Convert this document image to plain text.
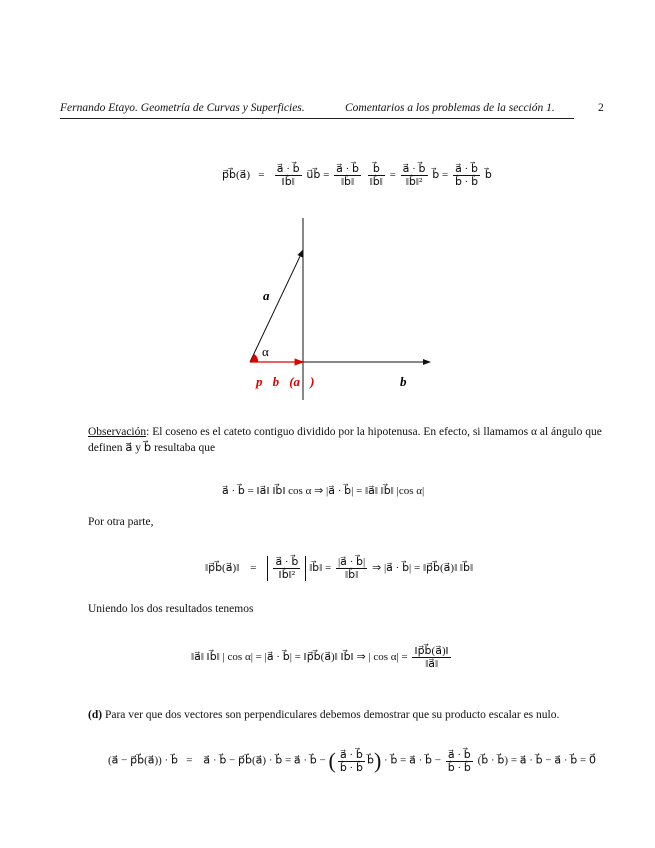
Fernando Etayo. Geometría de Curvas y Superficies.	Comentarios a los problemas de la sección 1.	2
p⃗b⃗(a⃗) = $\frac{a⃗ \cdot b⃗}{‖b⃗‖}$ u⃗b⃗ = $\frac{a⃗ \cdot b⃗}{‖b⃗‖}$
$\frac{b⃗}{‖b⃗‖} = \frac{a⃗ \cdot b⃗}{\text{‖b⃗‖²}}$ b⃗ = $\frac{a⃗ \cdot b⃗}{b⃗ \cdot b⃗}$ b⃗
a⃗
α
p⃗b⃗(a⃗)	b⃗
Observación: El coseno es el cateto contiguo dividido por la hipotenusa. En efecto, si llamamos α al ángulo que definen a⃗ y b⃗ resultaba que
a⃗ · b⃗ = ‖a⃗‖ ‖b⃗‖ cos α ⇒ |a⃗ · b⃗| = ‖a⃗‖ ‖b⃗‖ |cos α|
Por otra parte,
‖p⃗b⃗(a⃗)‖ = $\frac{a⃗ \cdot b⃗}{\text{‖b⃗‖²}}$ ‖b⃗‖ = $\frac{|a⃗ \cdot b⃗|}{‖b⃗‖}$ ⇒ |a⃗ · b⃗| = ‖p⃗b⃗(a⃗)‖ ‖b⃗‖
Uniendo los dos resultados tenemos
‖a⃗‖ ‖b⃗‖ | cos α| = |a⃗ · b⃗| = ‖p⃗b⃗(a⃗)‖ ‖b⃗‖ ⇒ | $\cos \alpha| = \frac{‖p⃗b⃗(a⃗)‖}{‖a⃗‖}$
(d) Para ver que dos vectores son perpendiculares debemos demostrar que su producto escalar es nulo.
(a⃗ − p⃗b⃗(a⃗)) · b⃗ = a⃗ · b⃗ − p⃗b⃗(a⃗) · b⃗ = a⃗ · b⃗ − ( $\frac{a⃗ \cdot b⃗}{b⃗ \cdot b⃗}$ b⃗) · b⃗ = a⃗ · b⃗ − $\frac{a⃗ \cdot b⃗}{b⃗ \cdot b⃗}$ (b⃗ · b⃗) = a⃗ · b⃗ − a⃗ · b⃗ = 0⃗
